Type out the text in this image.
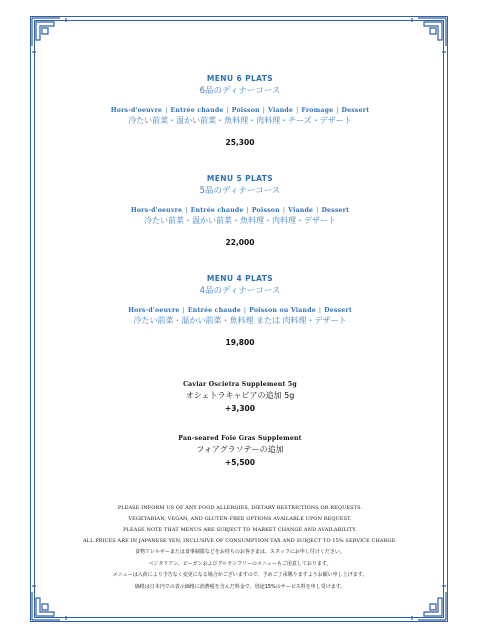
MENU 6 PLATS
6品のディナーコース
Hors-d'oeuvre | Entrée chaude | Poisson | Viande | Fromage | Dessert
冷たい前菜・温かい前菜・魚料理・肉料理・チーズ・デザート
25,300
MENU 5 PLATS
5品のディナーコース
Hors-d'oeuvre | Entrée chaude | Poisson | Viande | Dessert
冷たい前菜・温かい前菜・魚料理・肉料理・デザート
22,000
MENU 4 PLATS
4品のディナーコース
Hors-d'oeuvre | Entrée chaude | Poisson ou Viande | Dessert
冷たい前菜・温かい前菜・魚料理 または 肉料理・デザート
19,800
Caviar Oscietra Supplement 5g
オシェトラキャビアの追加 5g
+3,300
Pan-seared Foie Gras Supplement
フォアグラソテーの追加
+5,500
PLEASE INFORM US OF ANY FOOD ALLERGIES, DIETARY RESTRICTIONS OR REQUESTS.
VEGETARIAN, VEGAN, AND GLUTEN-FREE OPTIONS AVAILABLE UPON REQUEST.
PLEASE NOTE THAT MENUS ARE SUBJECT TO MARKET CHANGE AND AVAILABILITY.
ALL PRICES ARE IN JAPANESE YEN, INCLUSIVE OF CONSUMPTION TAX AND SUBJECT TO 15% SERVICE CHARGE.
食物アレルギーまたは食事制限などをお持ちのお客さまは、スタッフにお申し付けください。
ベジタリアン、ビーガンおよびグルテンフリーのメニューもご用意しております。
メニューは入荷により予告なく変更になる場合がございますので、予めご了承賜りますようお願い申し上げます。
価格は日本円での表示価格に消費税を含んだ料金で、別途15%のサービス料を申し受けます。
